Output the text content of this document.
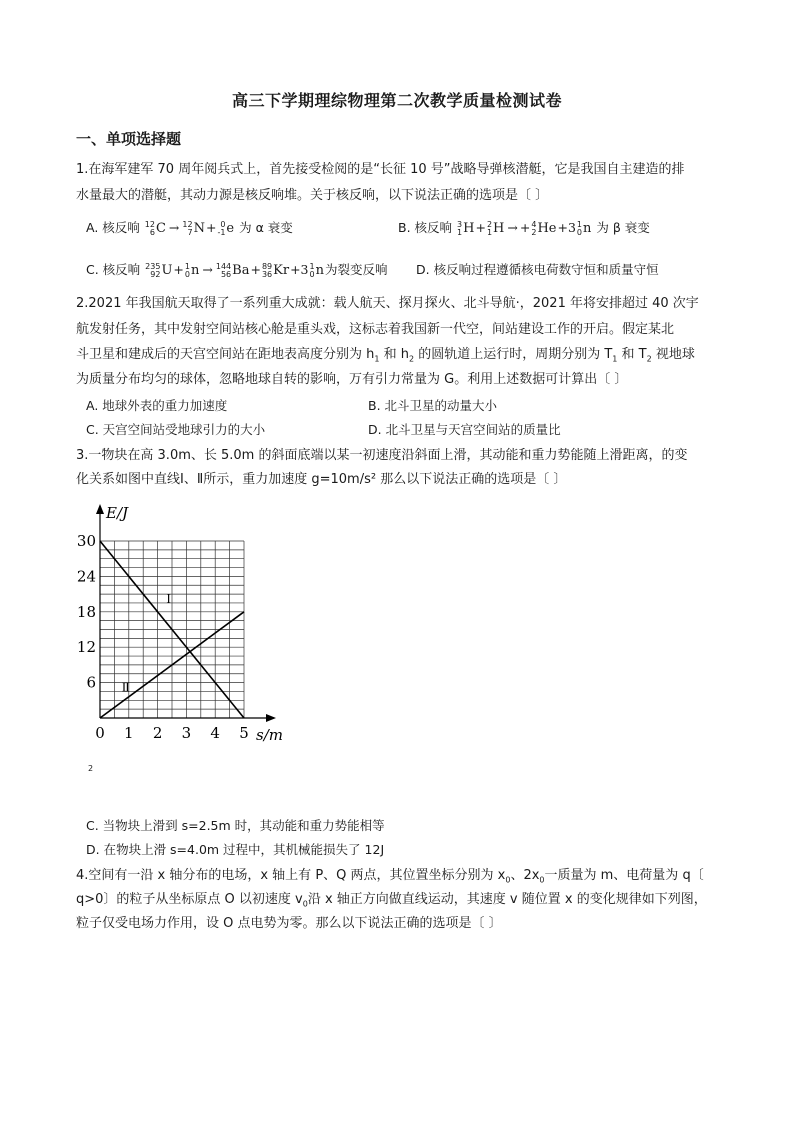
高三下学期理综物理第二次教学质量检测试卷
一、单项选择题
1.在海军建军 70 周年阅兵式上，首先接受检阅的是“长征 10 号”战略导弹核潜艇，它是我国自主建造的排
水量最大的潜艇，其动力源是核反响堆。关于核反响，以下说法正确的选项是〔 〕
A. 核反响 12
6 C → 12
7 N + 0
-1 e 为 α 衰变	B. 核反响 3
1 H + 2
1 H → + 4
2 He +3 1
0 n 为 β 衰变
C. 核反响 235
92 U + 1
0 n → 144
56 Ba + 89
36 Kr +3 1
0 n 为裂变反响 D. 核反响过程遵循核电荷数守恒和质量守恒
2.2021 年我国航天取得了一系列重大成就：载人航天、探月探火、北斗导航·，2021 年将安排超过 40 次宇
航发射任务，其中发射空间站核心舱是重头戏，这标志着我国新一代空，间站建设工作的开启。假定某北
斗卫星和建成后的天宫空间站在距地表高度分别为 $h_1$ 和 $h_2$ 的圆轨道上运行时，周期分别为 $T_1$ 和 $T_2$ 视地球
为质量分布均匀的球体，忽略地球自转的影响，万有引力常量为 G。利用上述数据可计算出〔 〕
A. 地球外表的重力加速度	B. 北斗卫星的动量大小
C. 天宫空间站受地球引力的大小	D. 北斗卫星与天宫空间站的质量比
3.一物块在高 3.0m、长 5.0m 的斜面底端以某一初速度沿斜面上滑，其动能和重力势能随上滑距离，的变
化关系如图中直线Ⅰ、Ⅱ所示，重力加速度 g=10m/s² 那么以下说法正确的选项是〔 〕
Ⅰ
Ⅱ
0 1 2 3 4 5
6
12
18
24
30
E/J
s/m
2
C. 当物块上滑到 s=2.5m 时，其动能和重力势能相等
D. 在物块上滑 s=4.0m 过程中，其机械能损失了 12J
4.空间有一沿 x 轴分布的电场，x 轴上有 P、Q 两点，其位置坐标分别为 $x_0$、$2x_0$一质量为 m、电荷量为 q〔
q>0〕的粒子从坐标原点 O 以初速度 $v_0$沿 x 轴正方向做直线运动，其速度 v 随位置 x 的变化规律如下列图，
粒子仅受电场力作用，设 O 点电势为零。那么以下说法正确的选项是〔 〕
